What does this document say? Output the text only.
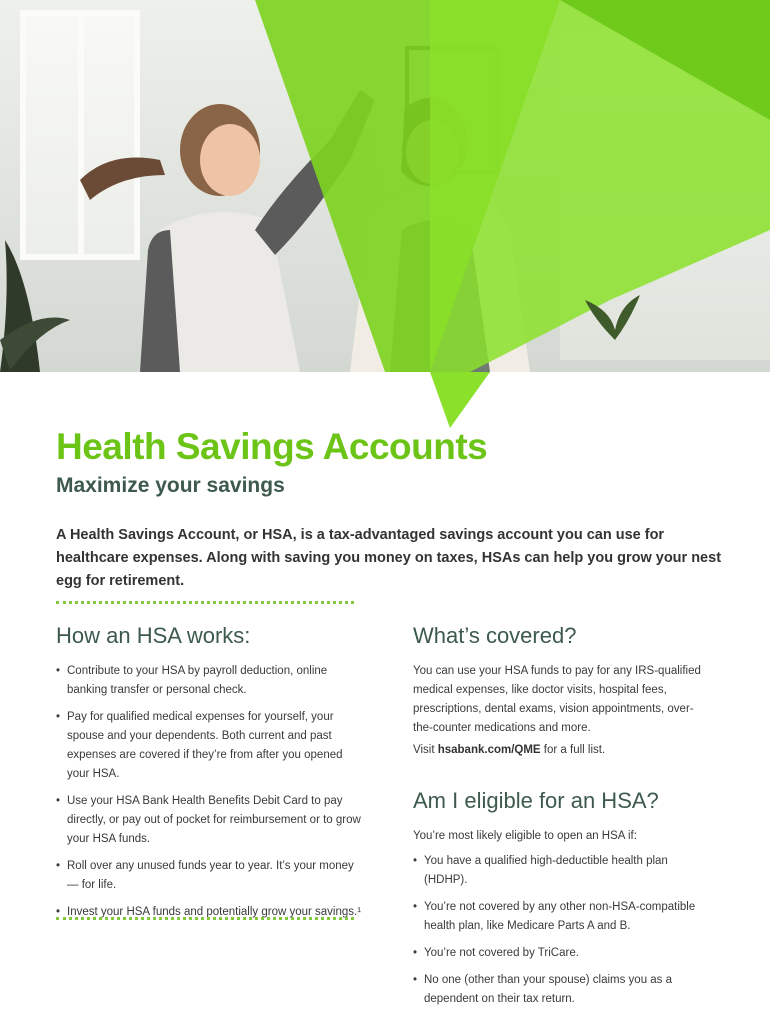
Health Savings Accounts
Maximize your savings

A Health Savings Account, or HSA, is a tax-advantaged savings account you can use for healthcare expenses. Along with saving you money on taxes, HSAs can help you grow your nest egg for retirement.

How an HSA works:
• Contribute to your HSA by payroll deduction, online banking transfer or personal check.
• Pay for qualified medical expenses for yourself, your spouse and your dependents. Both current and past expenses are covered if they’re from after you opened your HSA.
• Use your HSA Bank Health Benefits Debit Card to pay directly, or pay out of pocket for reimbursement or to grow your HSA funds.
• Roll over any unused funds year to year. It’s your money — for life.
• Invest your HSA funds and potentially grow your savings.¹
What’s covered?

You can use your HSA funds to pay for any IRS-qualified medical expenses, like doctor visits, hospital fees, prescriptions, dental exams, vision appointments, over-the-counter medications and more.

Visit hsabank.com/QME for a full list.

Am I eligible for an HSA?

You’re most likely eligible to open an HSA if:

• You have a qualified high-deductible health plan (HDHP).
• You’re not covered by any other non-HSA-compatible health plan, like Medicare Parts A and B.
• You’re not covered by TriCare.
• No one (other than your spouse) claims you as a dependent on their tax return.
